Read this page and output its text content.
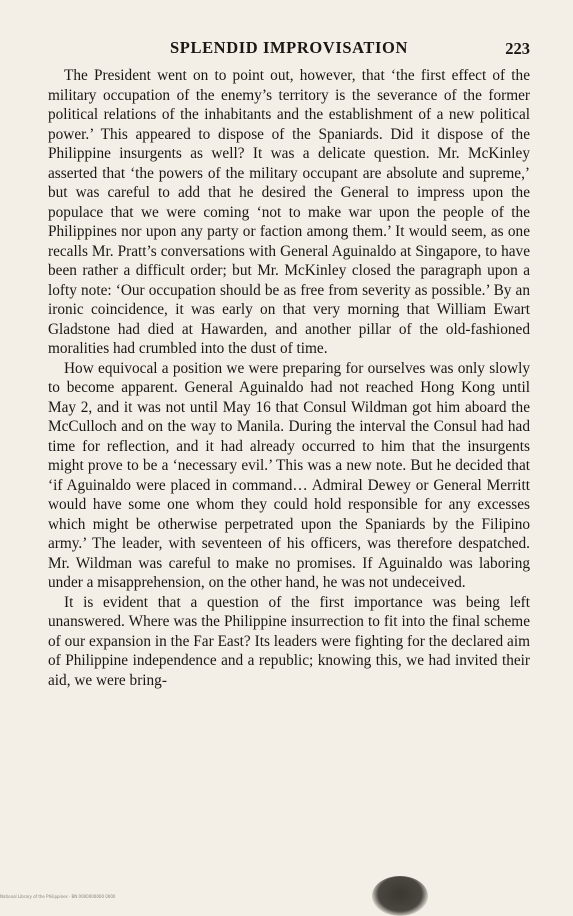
SPLENDID IMPROVISATION	223

The President went on to point out, however, that ‘the first effect of the military occupation of the enemy’s territory is the severance of the former political relations of the inhabitants and the establishment of a new political power.’ This appeared to dispose of the Spaniards. Did it dispose of the Philippine insurgents as well? It was a delicate question. Mr. McKinley asserted that ‘the powers of the military occupant are absolute and supreme,’ but was careful to add that he desired the General to impress upon the populace that we were coming ‘not to make war upon the people of the Philippines nor upon any party or faction among them.’ It would seem, as one recalls Mr. Pratt’s conversations with General Aguinaldo at Singapore, to have been rather a difficult order; but Mr. McKinley closed the paragraph upon a lofty note: ‘Our occupation should be as free from severity as possible.’ By an ironic coincidence, it was early on that very morning that William Ewart Gladstone had died at Hawarden, and another pillar of the old-fashioned moralities had crumbled into the dust of time.

How equivocal a position we were preparing for ourselves was only slowly to become apparent. General Aguinaldo had not reached Hong Kong until May 2, and it was not until May 16 that Consul Wildman got him aboard the McCulloch and on the way to Manila. During the interval the Consul had had time for reflection, and it had already occurred to him that the insurgents might prove to be a ‘necessary evil.’ This was a new note. But he decided that ‘if Aguinaldo were placed in command… Admiral Dewey or General Merritt would have some one whom they could hold responsible for any excesses which might be otherwise perpetrated upon the Spaniards by the Filipino army.’ The leader, with seventeen of his officers, was therefore despatched. Mr. Wildman was careful to make no promises. If Aguinaldo was laboring under a misapprehension, on the other hand, he was not undeceived.

It is evident that a question of the first importance was being left unanswered. Where was the Philippine insurrection to fit into the final scheme of our expansion in the Far East? Its leaders were fighting for the declared aim of Philippine independence and a republic; knowing this, we had invited their aid, we were bring-

National Library of the Philippines · BN 0000000000 0000
